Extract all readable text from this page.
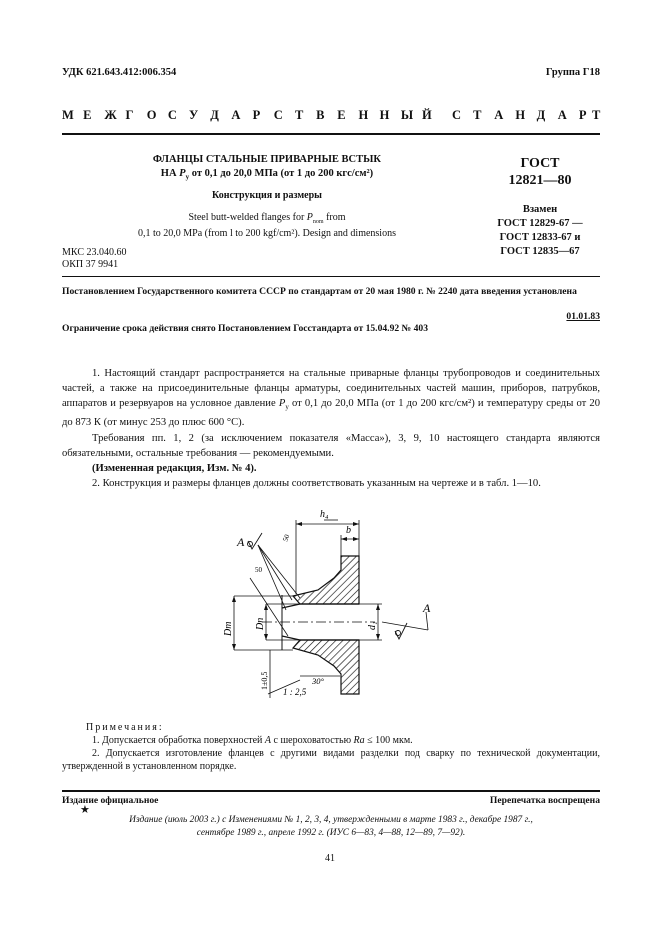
УДК 621.643.412:006.354	Группа Г18
М Е Ж Г О С У Д А Р С Т В Е Н Н Ы Й С Т А Н Д А Р Т
ФЛАНЦЫ СТАЛЬНЫЕ ПРИВАРНЫЕ ВСТЫК
НА $P_у$ от 0,1 до 20,0 МПа (от 1 до 200 кгс/см²)
Конструкция и размеры
Steel butt-welded flanges for $P_{nom}$ from
0,1 to 20,0 MPa (from l to 200 kgf/cm²). Design and dimensions
МКС 23.040.60
ОКП 37 9941
ГОСТ
12821—80
Взамен
ГОСТ 12829-67 —
ГОСТ 12833-67 и
ГОСТ 12835—67
Постановлением Государственного комитета СССР по стандартам от 20 мая 1980 г. № 2240 дата введения установлена
01.01.83
Ограничение срока действия снято Постановлением Госстандарта от 15.04.92 № 403

1. Настоящий стандарт распространяется на стальные приварные фланцы трубопроводов и соединительных частей, а также на присоединительные фланцы арматуры, соединительных частей машин, приборов, патрубков, аппаратов и резервуаров на условное давление $P_у$ от 0,1 до 20,0 МПа (от 1 до 200 кгс/см²) и температуру среды от 20 до 873 К (от минус 253 до плюс 600 °С).

Требования пп. 1, 2 (за исключением показателя «Масса»), 3, 9, 10 настоящего стандарта являются обязательными, остальные требования — рекомендуемыми.

(Измененная редакция, Изм. № 4).

2. Конструкция и размеры фланцев должны соответствовать указанным на чертеже и в табл. 1—10.

h₄
b
A
A
50
50
Dm Dn	d₁
1±0,5	30°
1 : 2,5
Примечания:

1. Допускается обработка поверхностей А с шероховатостью Ra ≤ 100 мкм.

2. Допускается изготовление фланцев с другими видами разделки под сварку по технической документации, утвержденной в установленном порядке.

Издание официальное	Перепечатка воспрещена
★
Издание (июль 2003 г.) с Изменениями № 1, 2, 3, 4, утвержденными в марте 1983 г., декабре 1987 г.,
сентябре 1989 г., апреле 1992 г. (ИУС 6—83, 4—88, 12—89, 7—92).
41
